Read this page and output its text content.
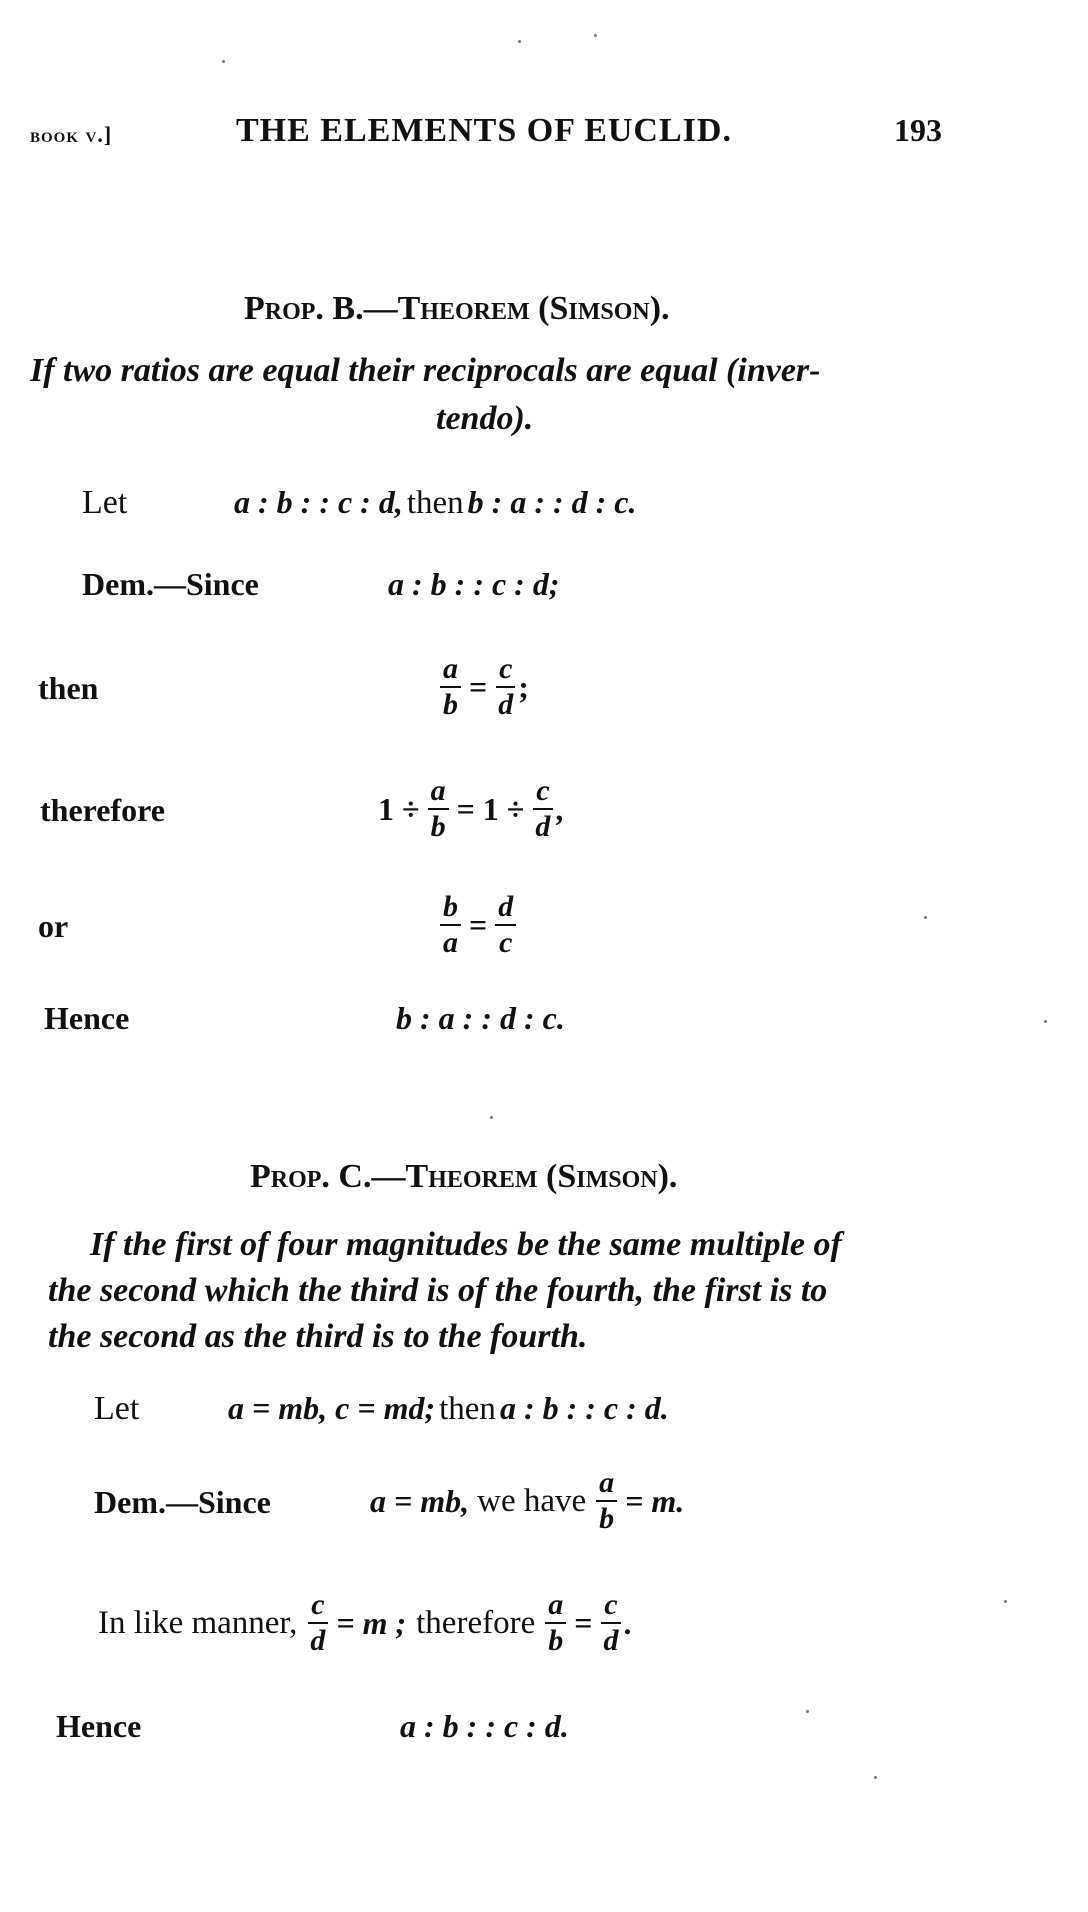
book v.]	THE ELEMENTS OF EUCLID.	193
Prop. B.—Theorem (Simson).
If two ratios are equal their reciprocals are equal (inver-
tendo).
Let	a : b : : c : d, then b : a : : d : c.
Dem.—Since	a : b : : c : d;
then	$\frac{a}{b} = \frac{c}{d}$ ;
therefore	$1 \div \frac{a}{b} = 1 \div \frac{c}{d}$ ,
or	$\frac{b}{a} = \frac{d}{c}$
Hence	b : a : : d : c.
Prop. C.—Theorem (Simson).
If the first of four magnitudes be the same multiple of
the second which the third is of the fourth, the first is to
the second as the third is to the fourth.
Let	a = mb, c = md; then a : b : : c : d.
Dem.—Since	a = mb, we have $\frac{a}{b} = m$.
In like manner, $\frac{c}{d} = m$ ; therefore $\frac{a}{b} = \frac{c}{d}$ .
Hence	a : b : : c : d.
